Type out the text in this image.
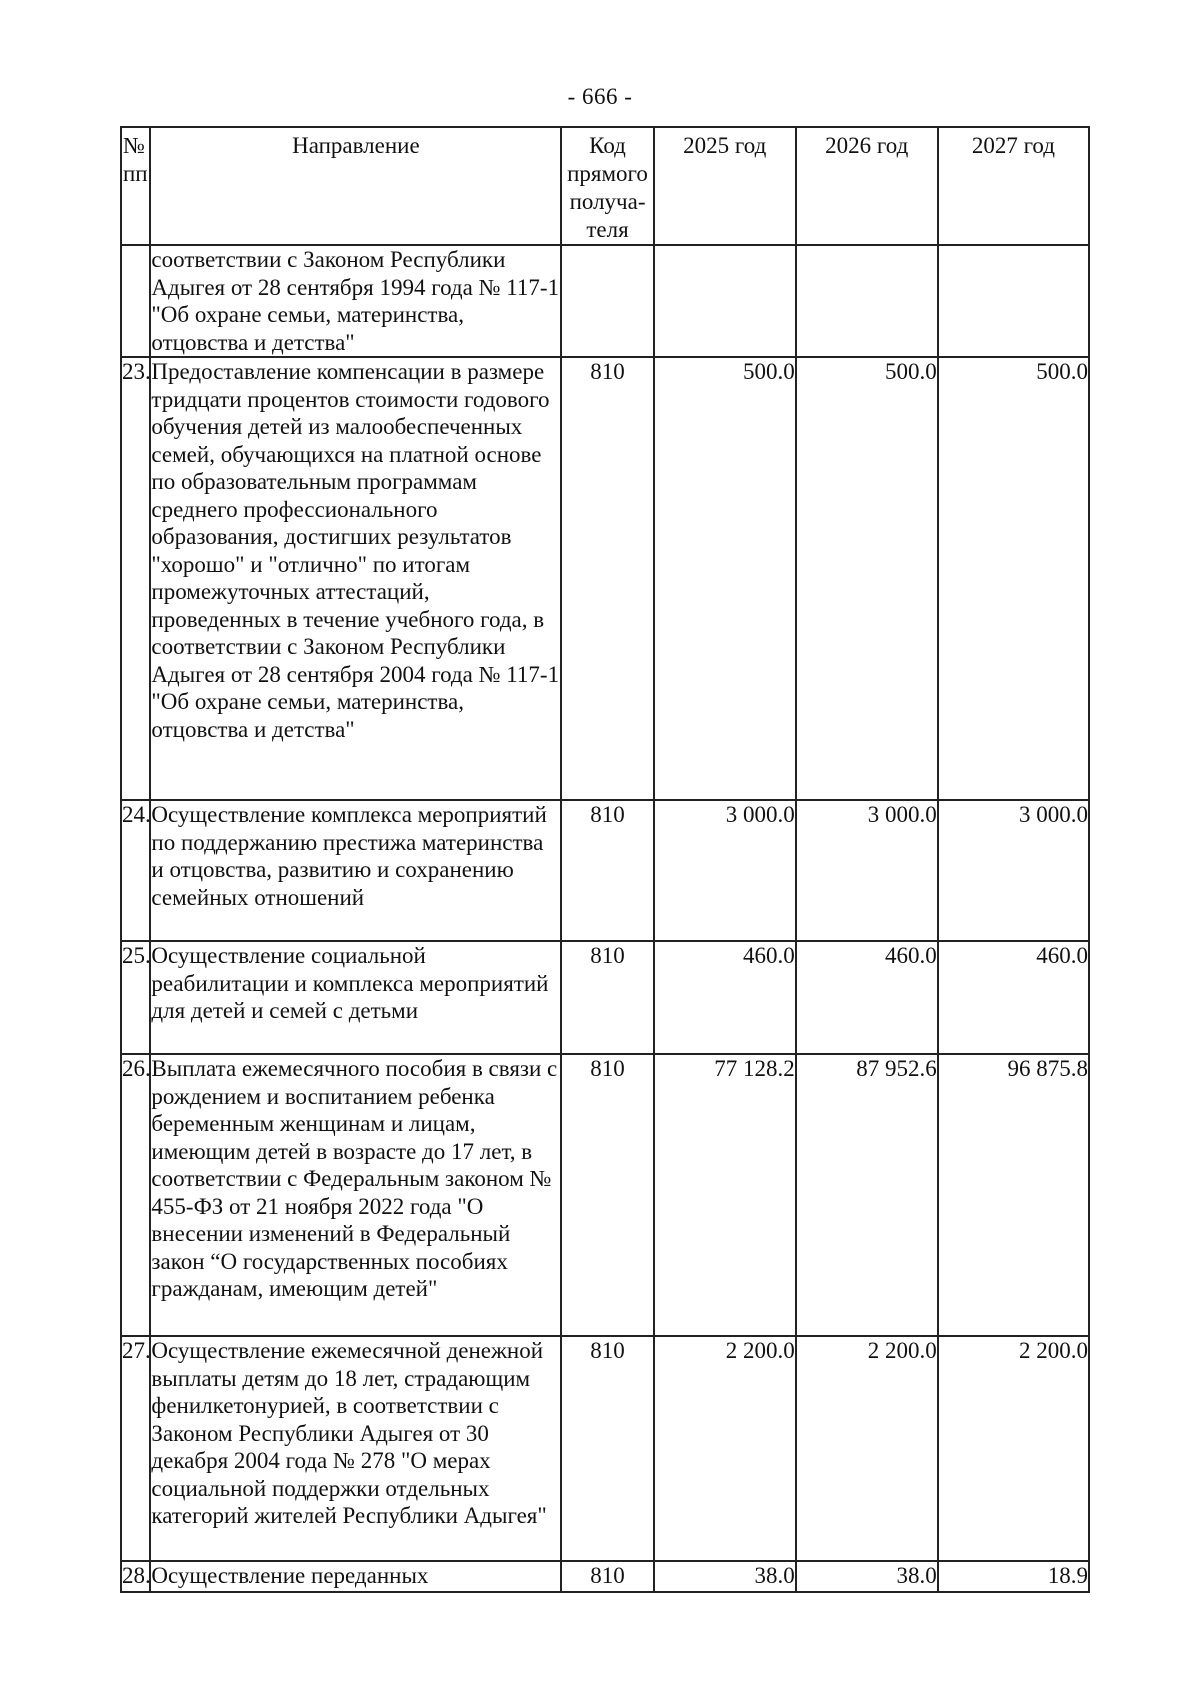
- 666 -
№ пп	Направление	Код прямого получа-теля	2025 год	2026 год	2027 год

	соответствии с Законом Республики Адыгея от 28 сентября 1994 года № 117-1 "Об охране семьи, материнства, отцовства и детства"				
23.	Предоставление компенсации в размере тридцати процентов стоимости годового обучения детей из малообеспеченных семей, обучающихся на платной основе по образовательным программам среднего профессионального образования, достигших результатов "хорошо" и "отлично" по итогам промежуточных аттестаций, проведенных в течение учебного года, в соответствии с Законом Республики Адыгея от 28 сентября 2004 года № 117-1 "Об охране семьи, материнства, отцовства и детства"	810	500.0	500.0	500.0
24.	Осуществление комплекса мероприятий по поддержанию престижа материнства и отцовства, развитию и сохранению семейных отношений	810	3 000.0	3 000.0	3 000.0
25.	Осуществление социальной реабилитации и комплекса мероприятий для детей и семей с детьми	810	460.0	460.0	460.0
26.	Выплата ежемесячного пособия в связи с рождением и воспитанием ребенка беременным женщинам и лицам, имеющим детей в возрасте до 17 лет, в соответствии с Федеральным законом № 455-ФЗ от 21 ноября 2022 года "О внесении изменений в Федеральный закон “О государственных пособиях гражданам, имеющим детей"	810	77 128.2	87 952.6	96 875.8
27.	Осуществление ежемесячной денежной выплаты детям до 18 лет, страдающим фенилкетонурией, в соответствии с Законом Республики Адыгея от 30 декабря 2004 года № 278 "О мерах социальной поддержки отдельных категорий жителей Республики Адыгея"	810	2 200.0	2 200.0	2 200.0
28.	Осуществление переданных	810	38.0	38.0	18.9
